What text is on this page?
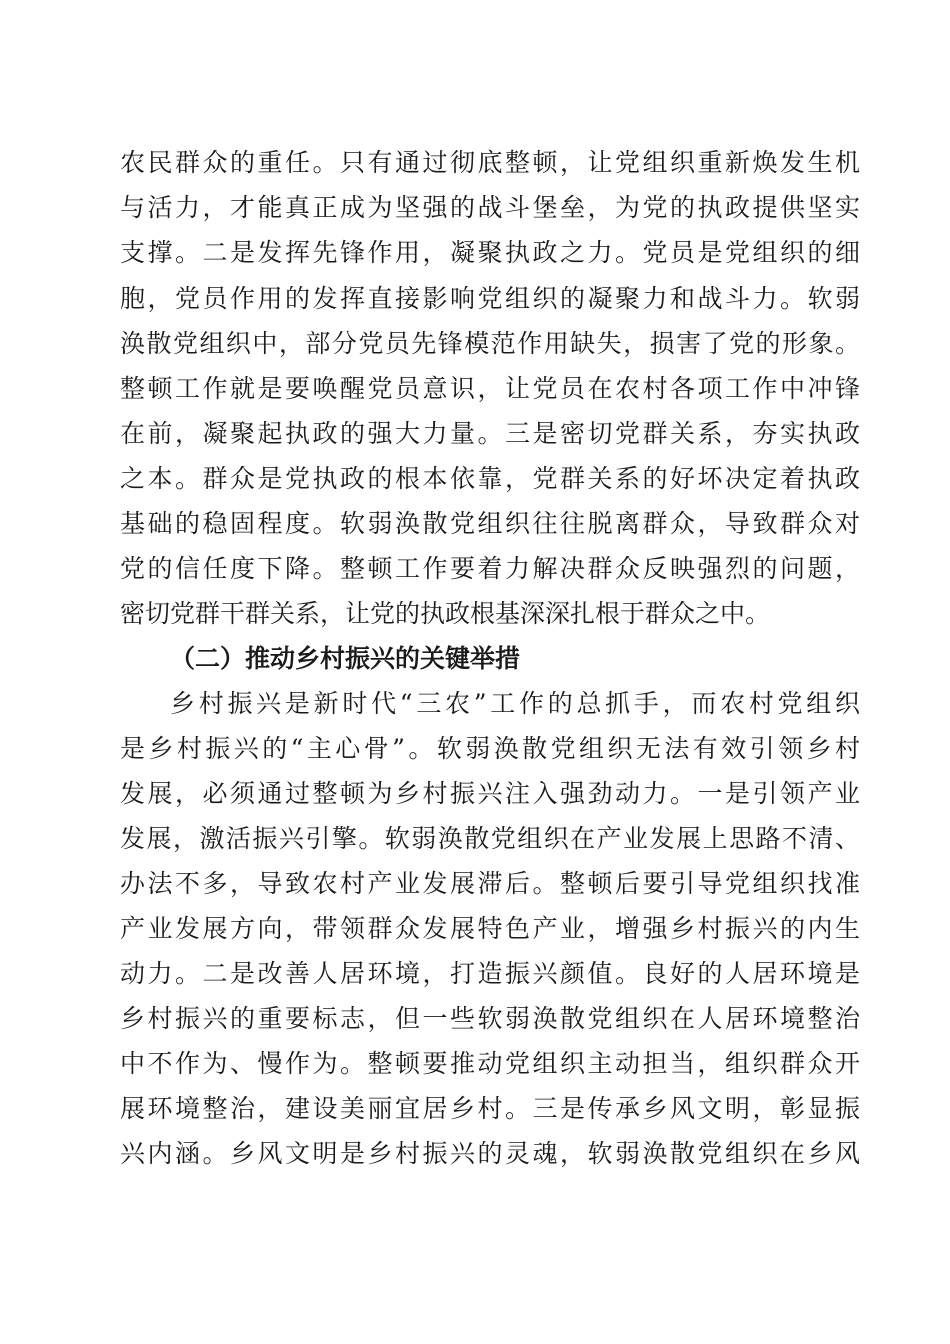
农民群众的重任。只有通过彻底整顿，让党组织重新焕发生机
与活力，才能真正成为坚强的战斗堡垒，为党的执政提供坚实
支撑。二是发挥先锋作用，凝聚执政之力。党员是党组织的细
胞，党员作用的发挥直接影响党组织的凝聚力和战斗力。软弱
涣散党组织中，部分党员先锋模范作用缺失，损害了党的形象。
整顿工作就是要唤醒党员意识，让党员在农村各项工作中冲锋
在前，凝聚起执政的强大力量。三是密切党群关系，夯实执政
之本。群众是党执政的根本依靠，党群关系的好坏决定着执政
基础的稳固程度。软弱涣散党组织往往脱离群众，导致群众对
党的信任度下降。整顿工作要着力解决群众反映强烈的问题，
密切党群干群关系，让党的执政根基深深扎根于群众之中。
（二）推动乡村振兴的关键举措
乡村振兴是新时代“三农”工作的总抓手，而农村党组织
是乡村振兴的“主心骨”。软弱涣散党组织无法有效引领乡村
发展，必须通过整顿为乡村振兴注入强劲动力。一是引领产业
发展，激活振兴引擎。软弱涣散党组织在产业发展上思路不清、
办法不多，导致农村产业发展滞后。整顿后要引导党组织找准
产业发展方向，带领群众发展特色产业，增强乡村振兴的内生
动力。二是改善人居环境，打造振兴颜值。良好的人居环境是
乡村振兴的重要标志，但一些软弱涣散党组织在人居环境整治
中不作为、慢作为。整顿要推动党组织主动担当，组织群众开
展环境整治，建设美丽宜居乡村。三是传承乡风文明，彰显振
兴内涵。乡风文明是乡村振兴的灵魂，软弱涣散党组织在乡风
